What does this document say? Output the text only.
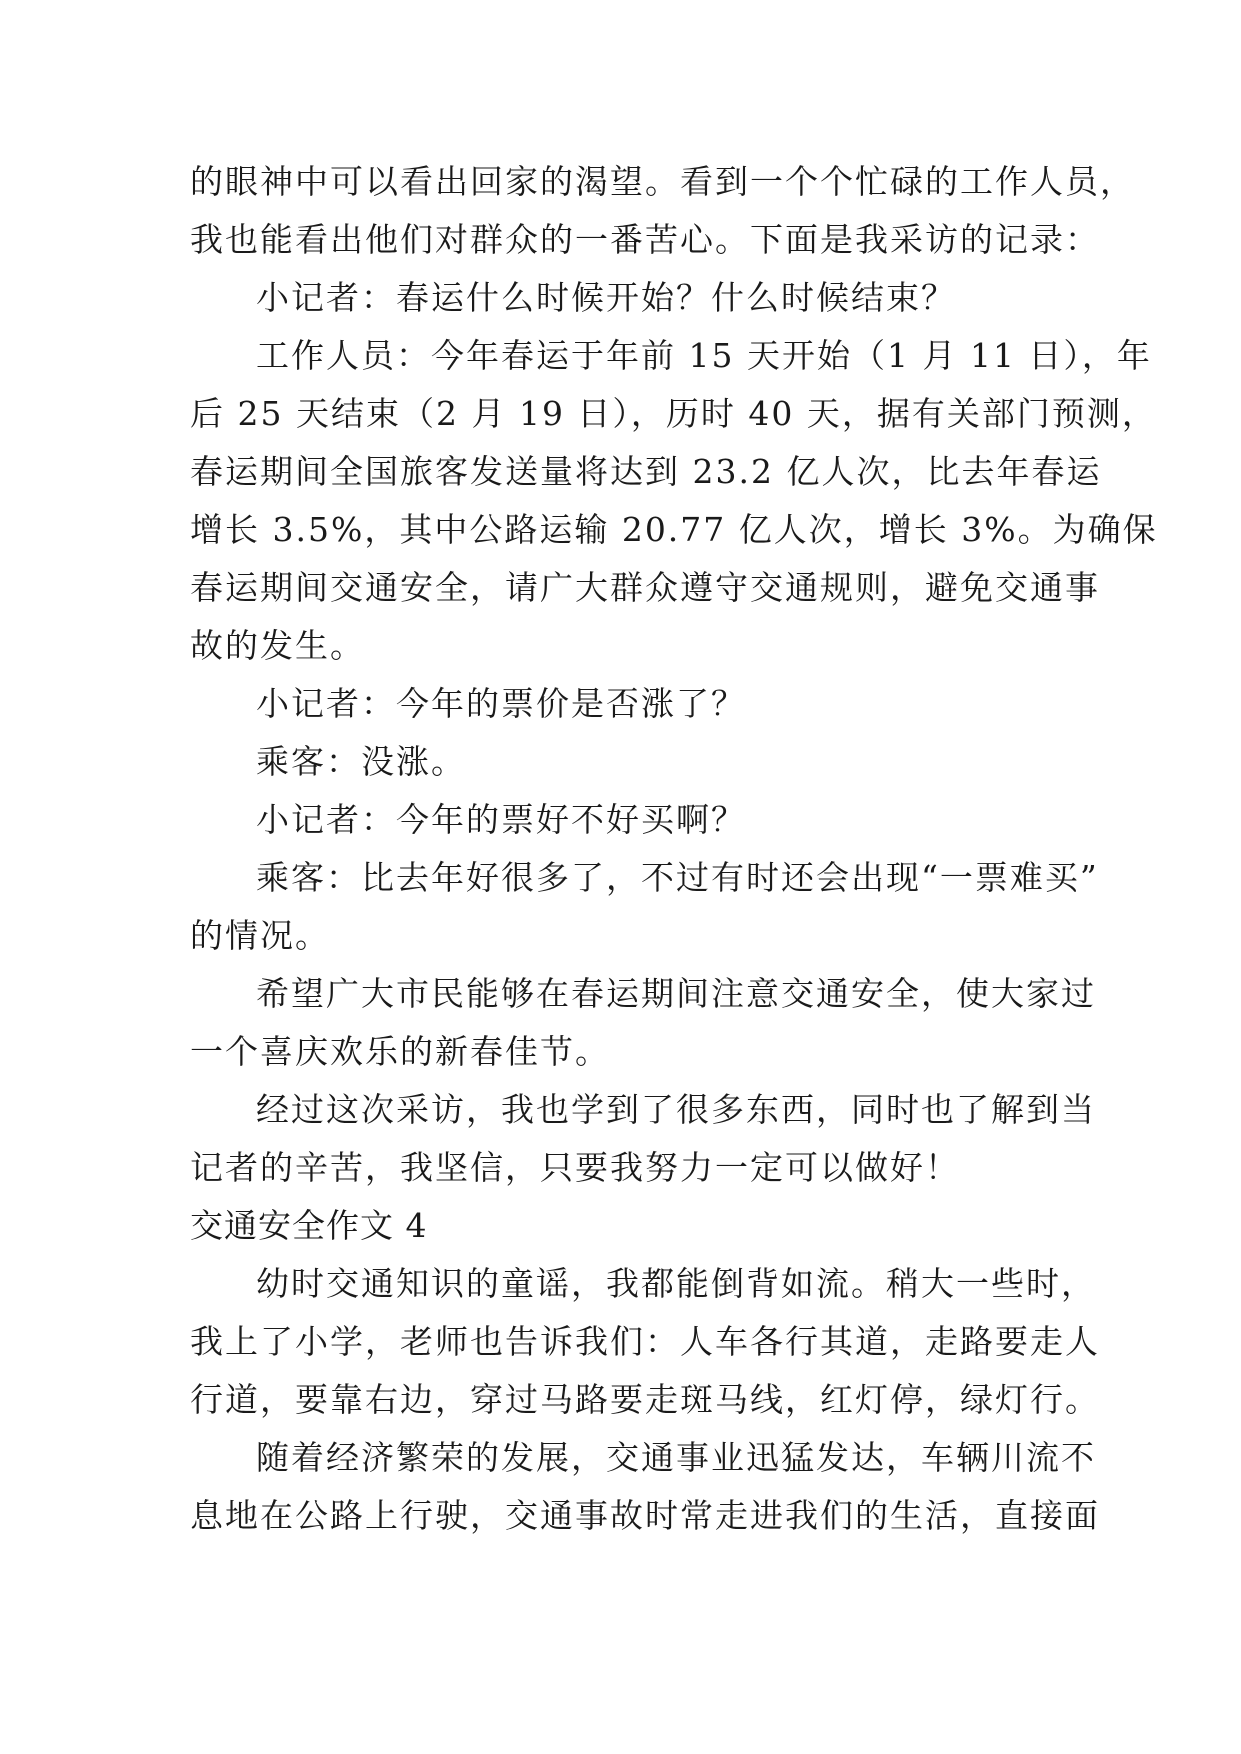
的眼神中可以看出回家的渴望。看到一个个忙碌的工作人员，
我也能看出他们对群众的一番苦心。下面是我采访的记录：
小记者：春运什么时候开始？什么时候结束？
工作人员：今年春运于年前 15 天开始（1 月 11 日），年
后 25 天结束（2 月 19 日），历时 40 天，据有关部门预测，
春运期间全国旅客发送量将达到 23.2 亿人次，比去年春运
增长 3.5%，其中公路运输 20.77 亿人次，增长 3%。为确保
春运期间交通安全，请广大群众遵守交通规则，避免交通事
故的发生。
小记者：今年的票价是否涨了？
乘客：没涨。
小记者：今年的票好不好买啊？
乘客：比去年好很多了，不过有时还会出现“一票难买”
的情况。
希望广大市民能够在春运期间注意交通安全，使大家过
一个喜庆欢乐的新春佳节。
经过这次采访，我也学到了很多东西，同时也了解到当
记者的辛苦，我坚信，只要我努力一定可以做好！
交通安全作文 4
幼时交通知识的童谣，我都能倒背如流。稍大一些时，
我上了小学，老师也告诉我们：人车各行其道，走路要走人
行道，要靠右边，穿过马路要走斑马线，红灯停，绿灯行。
随着经济繁荣的发展，交通事业迅猛发达，车辆川流不
息地在公路上行驶，交通事故时常走进我们的生活，直接面
